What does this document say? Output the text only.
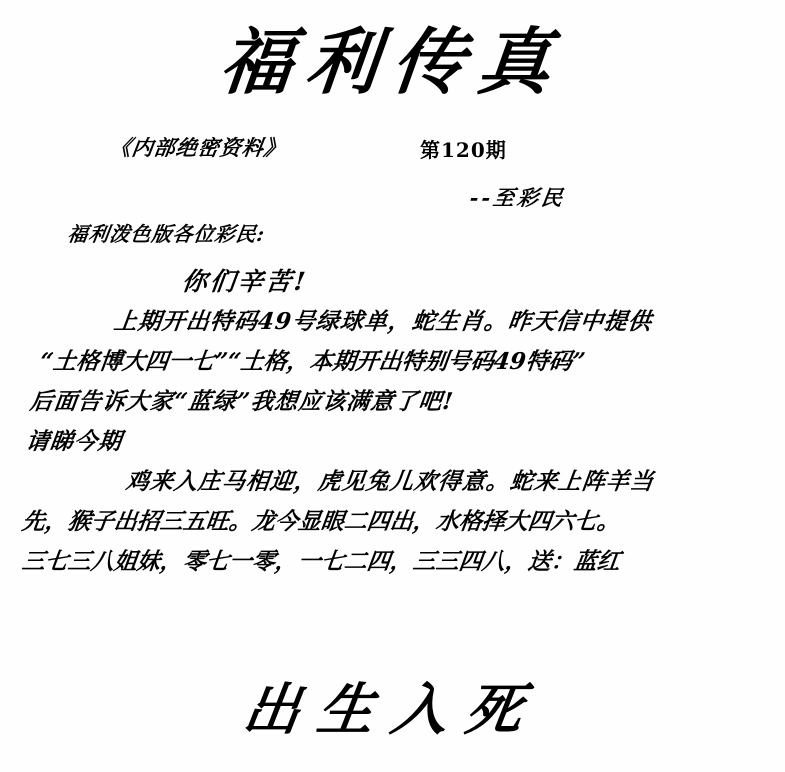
福利传真
《内部绝密资料》	第120期
--至彩民
福利泼色版各位彩民:
你们辛苦!
上期开出特码49号绿球单，蛇生肖。昨天信中提供
“土格博大四一七”“土格，本期开出特别号码49特码”
后面告诉大家“蓝绿”我想应该满意了吧!
请睇今期
鸡来入庄马相迎，虎见兔儿欢得意。蛇来上阵羊当
先，猴子出招三五旺。龙今显眼二四出，水格择大四六七。
三七三八姐妹，零七一零，一七二四，三三四八，送：蓝红
出生入死
